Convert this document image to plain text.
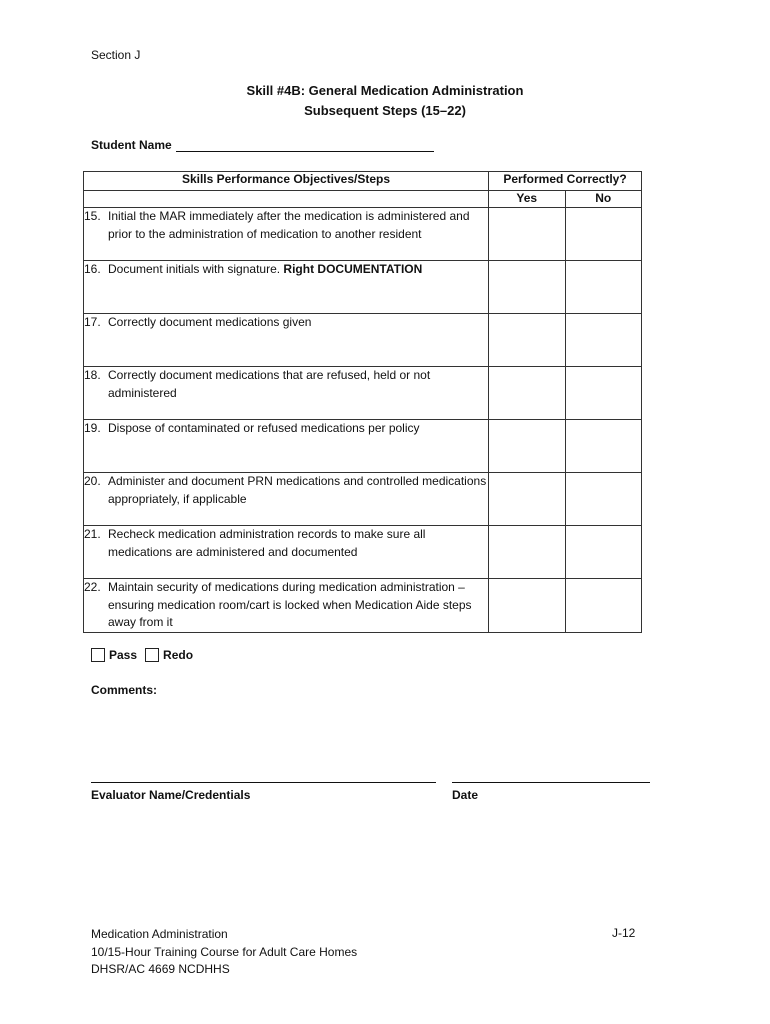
Section J
Skill #4B: General Medication Administration
Subsequent Steps (15–22)
Student Name
Skills Performance Objectives/Steps	Performed Correctly?	
	Yes	No

15. Initial the MAR immediately after the medication is administered and prior to the administration of medication to another resident		

16. Document initials with signature. Right DOCUMENTATION		

17. Correctly document medications given		

18. Correctly document medications that are refused, held or not administered		

19. Dispose of contaminated or refused medications per policy		

20. Administer and document PRN medications and controlled medications appropriately, if applicable		

21. Recheck medication administration records to make sure all medications are administered and documented		

22. Maintain security of medications during medication administration – ensuring medication room/cart is locked when Medication Aide steps away from it		

Pass Redo
Comments:
Evaluator Name/Credentials	Date
Medication Administration
10/15-Hour Training Course for Adult Care Homes
DHSR/AC 4669 NCDHHS
J-12
